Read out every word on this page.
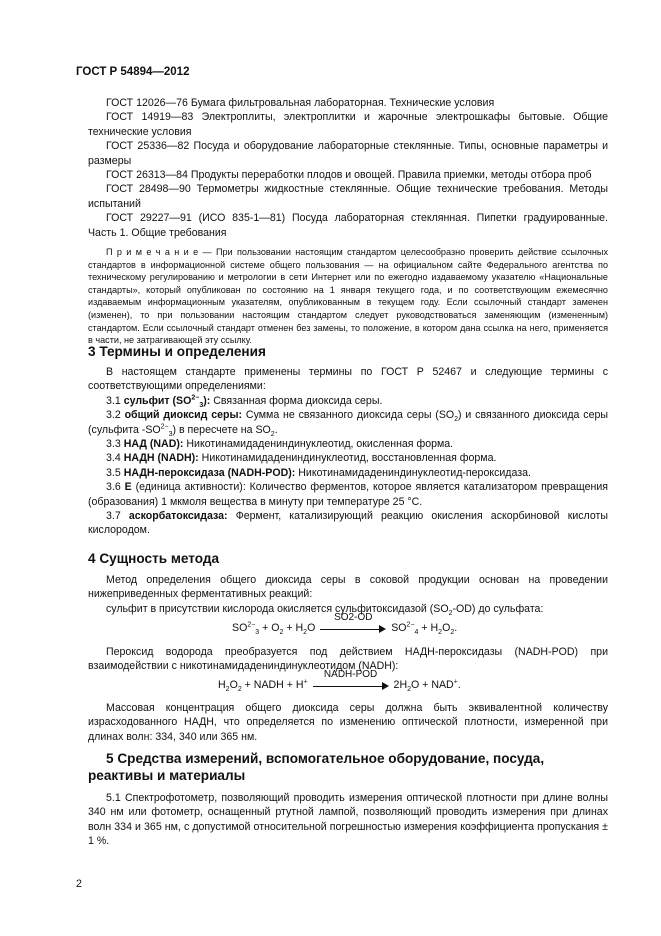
ГОСТ Р 54894—2012

ГОСТ 12026—76 Бумага фильтровальная лабораторная. Технические условия

ГОСТ 14919—83 Электроплиты, электроплитки и жарочные электрошкафы бытовые. Общие технические условия

ГОСТ 25336—82 Посуда и оборудование лабораторные стеклянные. Типы, основные параметры и размеры

ГОСТ 26313—84 Продукты переработки плодов и овощей. Правила приемки, методы отбора проб

ГОСТ 28498—90 Термометры жидкостные стеклянные. Общие технические требования. Методы испытаний

ГОСТ 29227—91 (ИСО 835-1—81) Посуда лабораторная стеклянная. Пипетки градуированные. Часть 1. Общие требования

П р и м е ч а н и е — При пользовании настоящим стандартом целесообразно проверить действие ссылочных стандартов в информационной системе общего пользования — на официальном сайте Федерального агентства по техническому регулированию и метрологии в сети Интернет или по ежегодно издаваемому указателю «Национальные стандарты», который опубликован по состоянию на 1 января текущего года, и по соответствующим ежемесячно издаваемым информационным указателям, опубликованным в текущем году. Если ссылочный стандарт заменен (изменен), то при пользовании настоящим стандартом следует руководствоваться заменяющим (измененным) стандартом. Если ссылочный стандарт отменен без замены, то положение, в котором дана ссылка на него, применяется в части, не затрагивающей эту ссылку.

3 Термины и определения

В настоящем стандарте применены термины по ГОСТ Р 52467 и следующие термины с соответствующими определениями:

3.1 сульфит $(SO^{2-}_3)$: Связанная форма диоксида серы.

3.2 общий диоксид серы: Сумма не связанного диоксида серы $(SO_2)$ и связанного диоксида серы (сульфита $-SO^{2-}_3$) в пересчете на $SO_2$.

3.3 НАД (NAD): Никотинамидадениндинуклеотид, окисленная форма.

3.4 НАДН (NADH): Никотинамидадениндинуклеотид, восстановленная форма.

3.5 НАДН-пероксидаза (NADH-POD): Никотинамидадениндинуклеотид-пероксидаза.

3.6 Е (единица активности): Количество ферментов, которое является катализатором превращения (образования) 1 мкмоля вещества в минуту при температуре 25 °С.

3.7 аскорбатоксидаза: Фермент, катализирующий реакцию окисления аскорбиновой кислоты кислородом.

4 Сущность метода

Метод определения общего диоксида серы в соковой продукции основан на проведении нижеприведенных ферментативных реакций:

сульфит в присутствии кислорода окисляется сульфитоксидазой $(SO_2-OD)$ до сульфата:

$SO^{2-}_3 + O_2 + H_2O$
SO2-OD
$SO^{2-}_4 + H_2O_2$.

Пероксид водорода преобразуется под действием НАДН-пероксидазы (NADH-POD) при взаимодействии с никотинамидадениндинуклеотидом (NADH):

$H_2O_2$ + NADH + H+
NADH-POD
$2H_2O + NAD^+$.

Массовая концентрация общего диоксида серы должна быть эквивалентной количеству израсходованного НАДН, что определяется по изменению оптической плотности, измеренной при длинах волн: 334, 340 или 365 нм.

5 Средства измерений, вспомогательное оборудование, посуда, реактивы и материалы

5.1 Спектрофотометр, позволяющий проводить измерения оптической плотности при длине волны 340 нм или фотометр, оснащенный ртутной лампой, позволяющий проводить измерения при длинах волн 334 и 365 нм, с допустимой относительной погрешностью измерения коэффициента пропускания ± 1 %.

2
